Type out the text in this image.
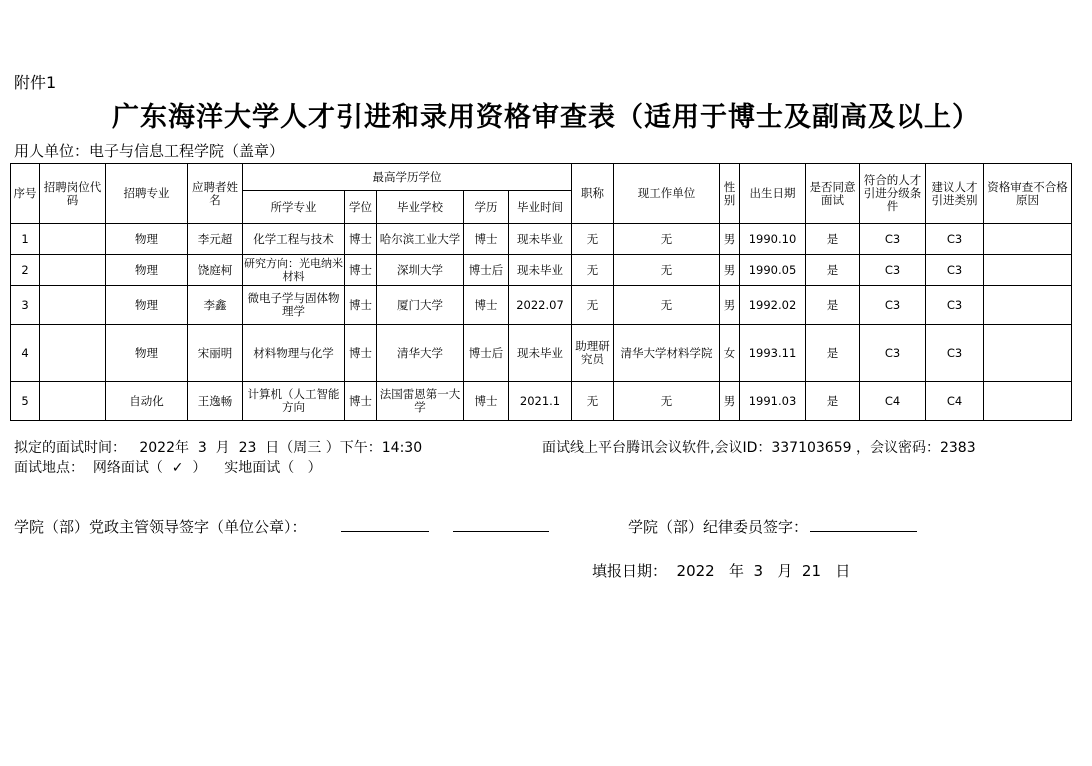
附件1
广东海洋大学人才引进和录用资格审查表（适用于博士及副高及以上）
用人单位：电子与信息工程学院（盖章）
序号	招聘岗位代码	招聘专业	应聘者姓名	最高学历学位					职称	现工作单位	性别	出生日期	是否同意面试	符合的人才引进分级条件	建议人才引进类别	资格审查不合格原因
				所学专业	学位	毕业学校	学历	毕业时间								
1		物理	李元超	化学工程与技术	博士	哈尔滨工业大学	博士	现未毕业	无	无	男	1990.10	是	C3	C3	
2		物理	饶庭柯	研究方向：光电纳米材料	博士	深圳大学	博士后	现未毕业	无	无	男	1990.05	是	C3	C3	
3		物理	李鑫	微电子学与固体物理学	博士	厦门大学	博士	2022.07	无	无	男	1992.02	是	C3	C3	
4		物理	宋丽明	材料物理与化学	博士	清华大学	博士后	现未毕业	助理研究员	清华大学材料学院	女	1993.11	是	C3	C3	
5		自动化	王逸畅	计算机（人工智能方向	博士	法国雷恩第一大学	博士	2021.1	无	无	男	1991.03	是	C4	C4	
拟定的面试时间：   2022年  3  月  23  日（周三 ）下午：14:30	面试线上平台腾讯会议软件,会议ID：337103659 ，会议密码：2383
面试地点：  网络面试（  ✓  ）    实地面试（   ）
学院（部）党政主管领导签字（单位公章）：	学院（部）纪律委员签字：
填报日期：  2022   年  3   月  21   日
